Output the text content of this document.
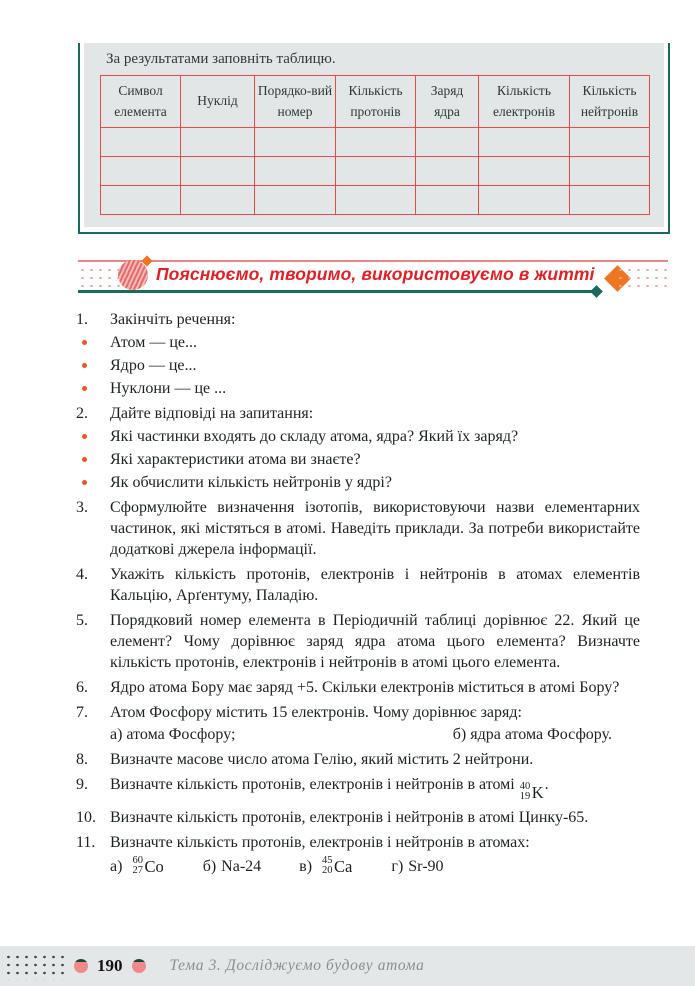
За результатами заповніть таблицю.

Символ елемента	Нуклід	Порядко-вий номер	Кількість протонів	Заряд ядра	Кількість електронів	Кількість нейтронів

Пояснюємо, творимо, використовуємо в житті
1.	Закінчіть речення:

Атом — це...

Ядро — це...

Нуклони — це ...

2.	Дайте відповіді на запитання:

Які частинки входять до складу атома, ядра? Який їх заряд?

Які характеристики атома ви знаєте?

Як обчислити кількість нейтронів у ядрі?

3.	Сформулюйте визначення ізотопів, використовуючи назви елементарних частинок, які містяться в атомі. Наведіть приклади. За потреби використайте додаткові джерела інформації.

4.	Укажіть кількість протонів, електронів і нейтронів в атомах елементів Кальцію, Арґентуму, Паладію.

5.	Порядковий номер елемента в Періодичній таблиці дорівнює 22. Який це елемент? Чому дорівнює заряд ядра атома цього елемента? Визначте кількість протонів, електронів і нейтронів в атомі цього елемента.

6.	Ядро атома Бору має заряд +5. Скільки електронів міститься в атомі Бору?

7.	Атом Фосфору містить 15 електронів. Чому дорівнює заряд:

а) атома Фосфору;	б) ядра атома Фосфору.
8.	Визначте масове число атома Гелію, який містить 2 нейтрони.

9.	Визначте кількість протонів, електронів і нейтронів в атомі 40
19 K .

10. Визначте кількість протонів, електронів і нейтронів в атомі Цинку-65.

11. Визначте кількість протонів, електронів і нейтронів в атомах:

а) 60
27 Co б) Na-24 в) 45
20 Ca г) Sr-90
190	Тема 3. Досліджуємо будову атома
